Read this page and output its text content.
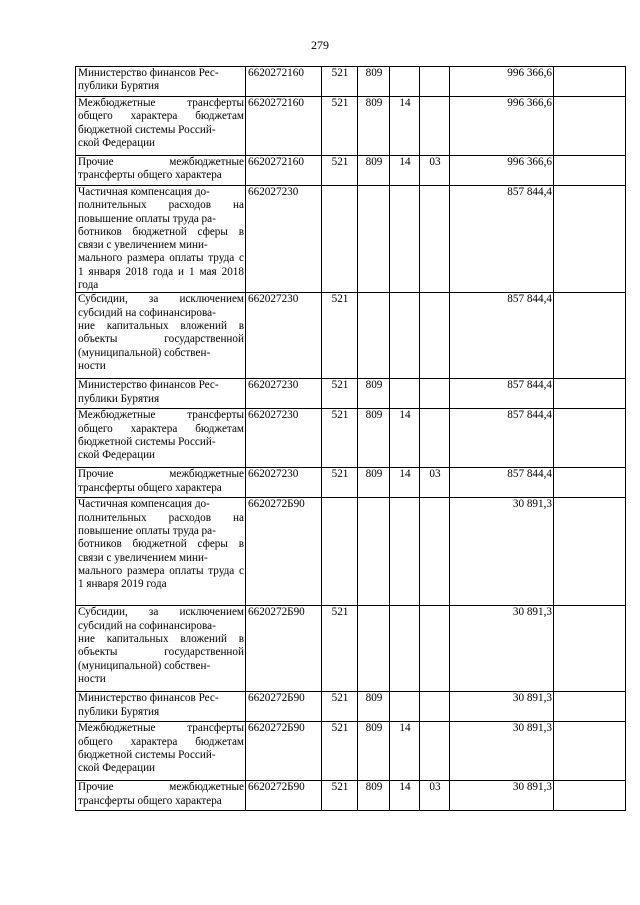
279
Министерство финансов Рес-
публики Бурятия	6620272160	521	809			996 366,6	
Межбюджетные трансферты общего характера бюджетам бюджетной системы Россий-
ской Федерации	6620272160	521	809	14		996 366,6	
Прочие межбюджетные трансферты общего характера	6620272160	521	809	14	03	996 366,6	
Частичная компенсация до-
полнительных расходов на повышение оплаты труда ра-
ботников бюджетной сферы в связи с увеличением мини-
мального размера оплаты труда с 1 января 2018 года и 1 мая 2018 года	662027230					857 844,4	
Субсидии, за исключением субсидий на софинансирова-
ние капитальных вложений в объекты государственной (муниципальной) собствен-
ности	662027230	521				857 844,4	
Министерство финансов Рес-
публики Бурятия	662027230	521	809			857 844,4	
Межбюджетные трансферты общего характера бюджетам бюджетной системы Россий-
ской Федерации	662027230	521	809	14		857 844,4	
Прочие межбюджетные трансферты общего характера	662027230	521	809	14	03	857 844,4	
Частичная компенсация до-
полнительных расходов на повышение оплаты труда ра-
ботников бюджетной сферы в связи с увеличением мини-
мального размера оплаты труда с 1 января 2019 года	6620272Б90					30 891,3	
Субсидии, за исключением субсидий на софинансирова-
ние капитальных вложений в объекты государственной (муниципальной) собствен-
ности	6620272Б90	521				30 891,3	
Министерство финансов Рес-
публики Бурятия	6620272Б90	521	809			30 891,3	
Межбюджетные трансферты общего характера бюджетам бюджетной системы Россий-
ской Федерации	6620272Б90	521	809	14		30 891,3	
Прочие межбюджетные трансферты общего характера	6620272Б90	521	809	14	03	30 891,3	
